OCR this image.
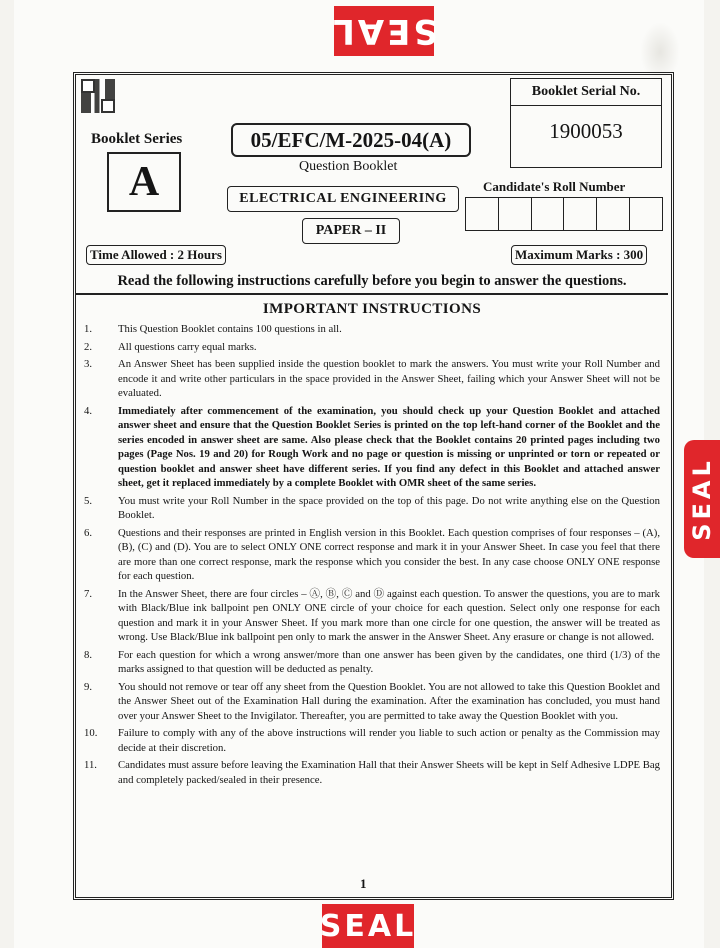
SEAL
SEAL
SEAL
Booklet Serial No.
1900053
Booklet Series
A
05/EFC/M-2025-04(A)
Question Booklet
ELECTRICAL ENGINEERING
PAPER – II
Candidate's Roll Number
Time Allowed : 2 Hours	Maximum Marks : 300
Read the following instructions carefully before you begin to answer the questions.
IMPORTANT INSTRUCTIONS
1.	This Question Booklet contains 100 questions in all.
2.	All questions carry equal marks.
3.	An Answer Sheet has been supplied inside the question booklet to mark the answers. You must write your Roll Number and encode it and write other particulars in the space provided in the Answer Sheet, failing which your Answer Sheet will not be evaluated.
4.	Immediately after commencement of the examination, you should check up your Question Booklet and attached answer sheet and ensure that the Question Booklet Series is printed on the top left-hand corner of the Booklet and the series encoded in answer sheet are same. Also please check that the Booklet contains 20 printed pages including two pages (Page Nos. 19 and 20) for Rough Work and no page or question is missing or unprinted or torn or repeated or question booklet and answer sheet have different series. If you find any defect in this Booklet and attached answer sheet, get it replaced immediately by a complete Booklet with OMR sheet of the same series.
5.	You must write your Roll Number in the space provided on the top of this page. Do not write anything else on the Question Booklet.
6.	Questions and their responses are printed in English version in this Booklet. Each question comprises of four responses – (A), (B), (C) and (D). You are to select ONLY ONE correct response and mark it in your Answer Sheet. In case you feel that there are more than one correct response, mark the response which you consider the best. In any case choose ONLY ONE response for each question.
7.	In the Answer Sheet, there are four circles – Ⓐ, Ⓑ, Ⓒ and Ⓓ against each question. To answer the questions, you are to mark with Black/Blue ink ballpoint pen ONLY ONE circle of your choice for each question. Select only one response for each question and mark it in your Answer Sheet. If you mark more than one circle for one question, the answer will be treated as wrong. Use Black/Blue ink ballpoint pen only to mark the answer in the Answer Sheet. Any erasure or change is not allowed.
8.	For each question for which a wrong answer/more than one answer has been given by the candidates, one third (1/3) of the marks assigned to that question will be deducted as penalty.
9.	You should not remove or tear off any sheet from the Question Booklet. You are not allowed to take this Question Booklet and the Answer Sheet out of the Examination Hall during the examination. After the examination has concluded, you must hand over your Answer Sheet to the Invigilator. Thereafter, you are permitted to take away the Question Booklet with you.
10.	Failure to comply with any of the above instructions will render you liable to such action or penalty as the Commission may decide at their discretion.
11.	Candidates must assure before leaving the Examination Hall that their Answer Sheets will be kept in Self Adhesive LDPE Bag and completely packed/sealed in their presence.
1
